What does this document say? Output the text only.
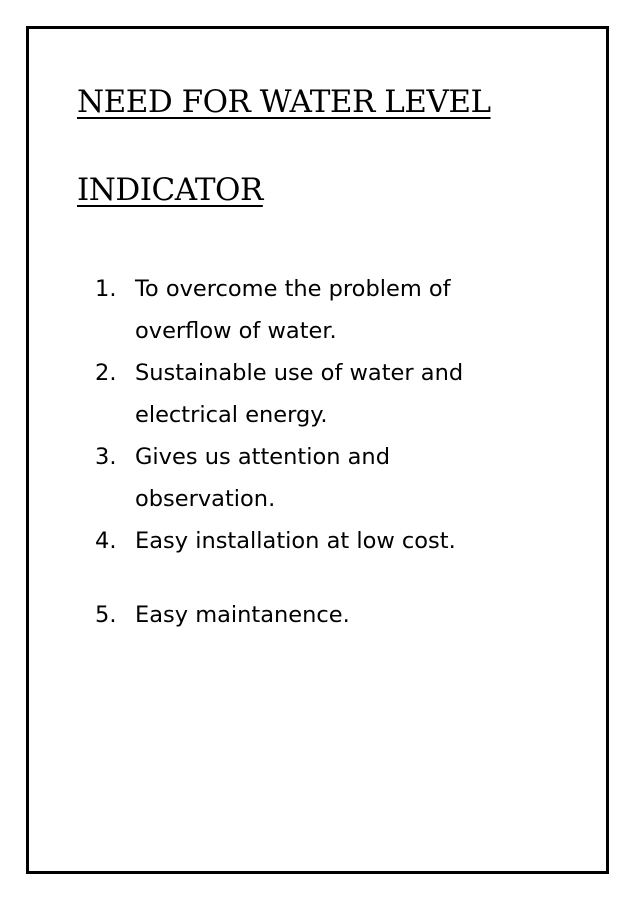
NEED FOR WATER LEVEL
INDICATOR
1. To overcome the problem of overflow of water.
2. Sustainable use of water and electrical energy.
3. Gives us attention and observation.
4. Easy installation at low cost.
5. Easy maintanence.
